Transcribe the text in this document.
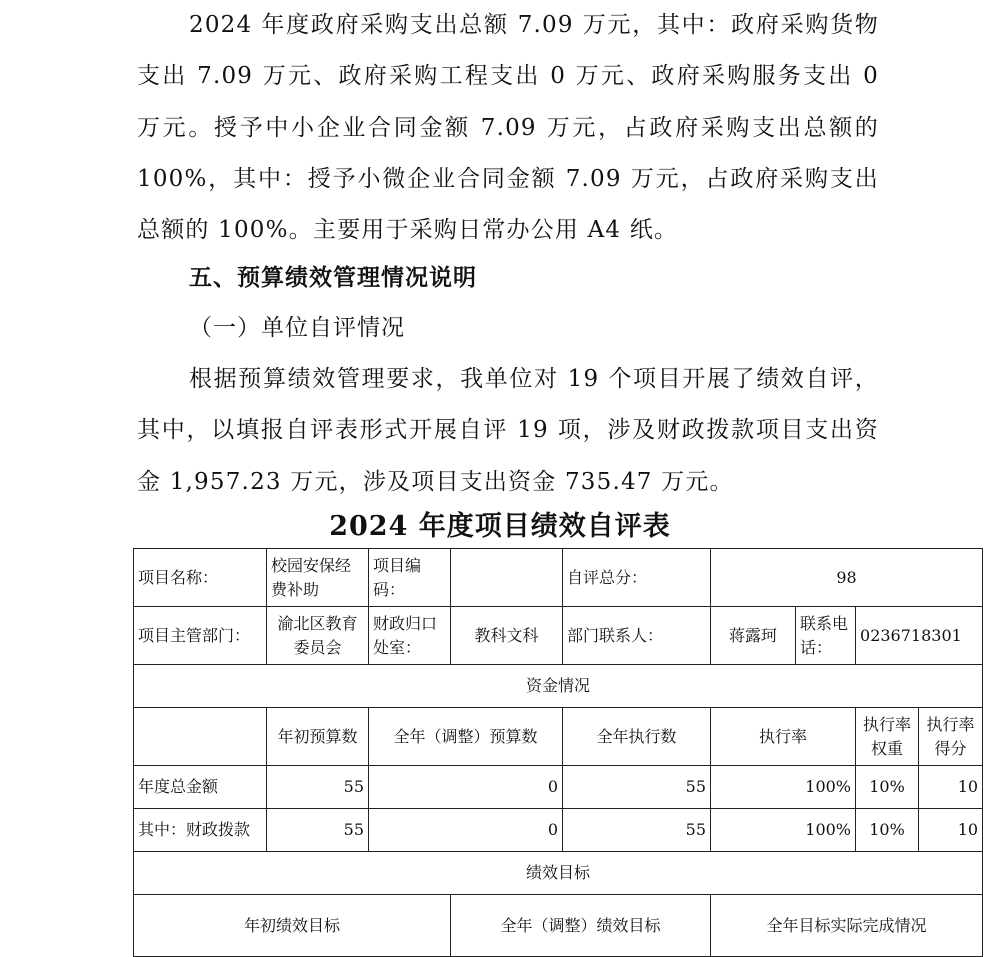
2024 年度政府采购支出总额 7.09 万元，其中：政府采购货物支出 7.09 万元、政府采购工程支出 0 万元、政府采购服务支出 0 万元。授予中小企业合同金额 7.09 万元，占政府采购支出总额的 100%，其中：授予小微企业合同金额 7.09 万元，占政府采购支出总额的 100%。主要用于采购日常办公用 A4 纸。

五、预算绩效管理情况说明

（一）单位自评情况

根据预算绩效管理要求，我单位对 19 个项目开展了绩效自评，其中，以填报自评表形式开展自评 19 项，涉及财政拨款项目支出资金 1,957.23 万元，涉及项目支出资金 735.47 万元。

2024 年度项目绩效自评表
项目名称：	校园安保经费补助	项目编码：		自评总分：	98			
项目主管部门：	渝北区教育委员会	财政归口处室：	教科文科	部门联系人：	蒋露珂	联系电话：	0236718301	
资金情况								
	年初预算数	全年（调整）预算数		全年执行数	执行率		执行率权重	执行率得分
年度总金额	55	0		55	100%		10%	10
其中：财政拨款	55	0		55	100%		10%	10
绩效目标								
年初绩效目标			全年（调整）绩效目标		全年目标实际完成情况			
